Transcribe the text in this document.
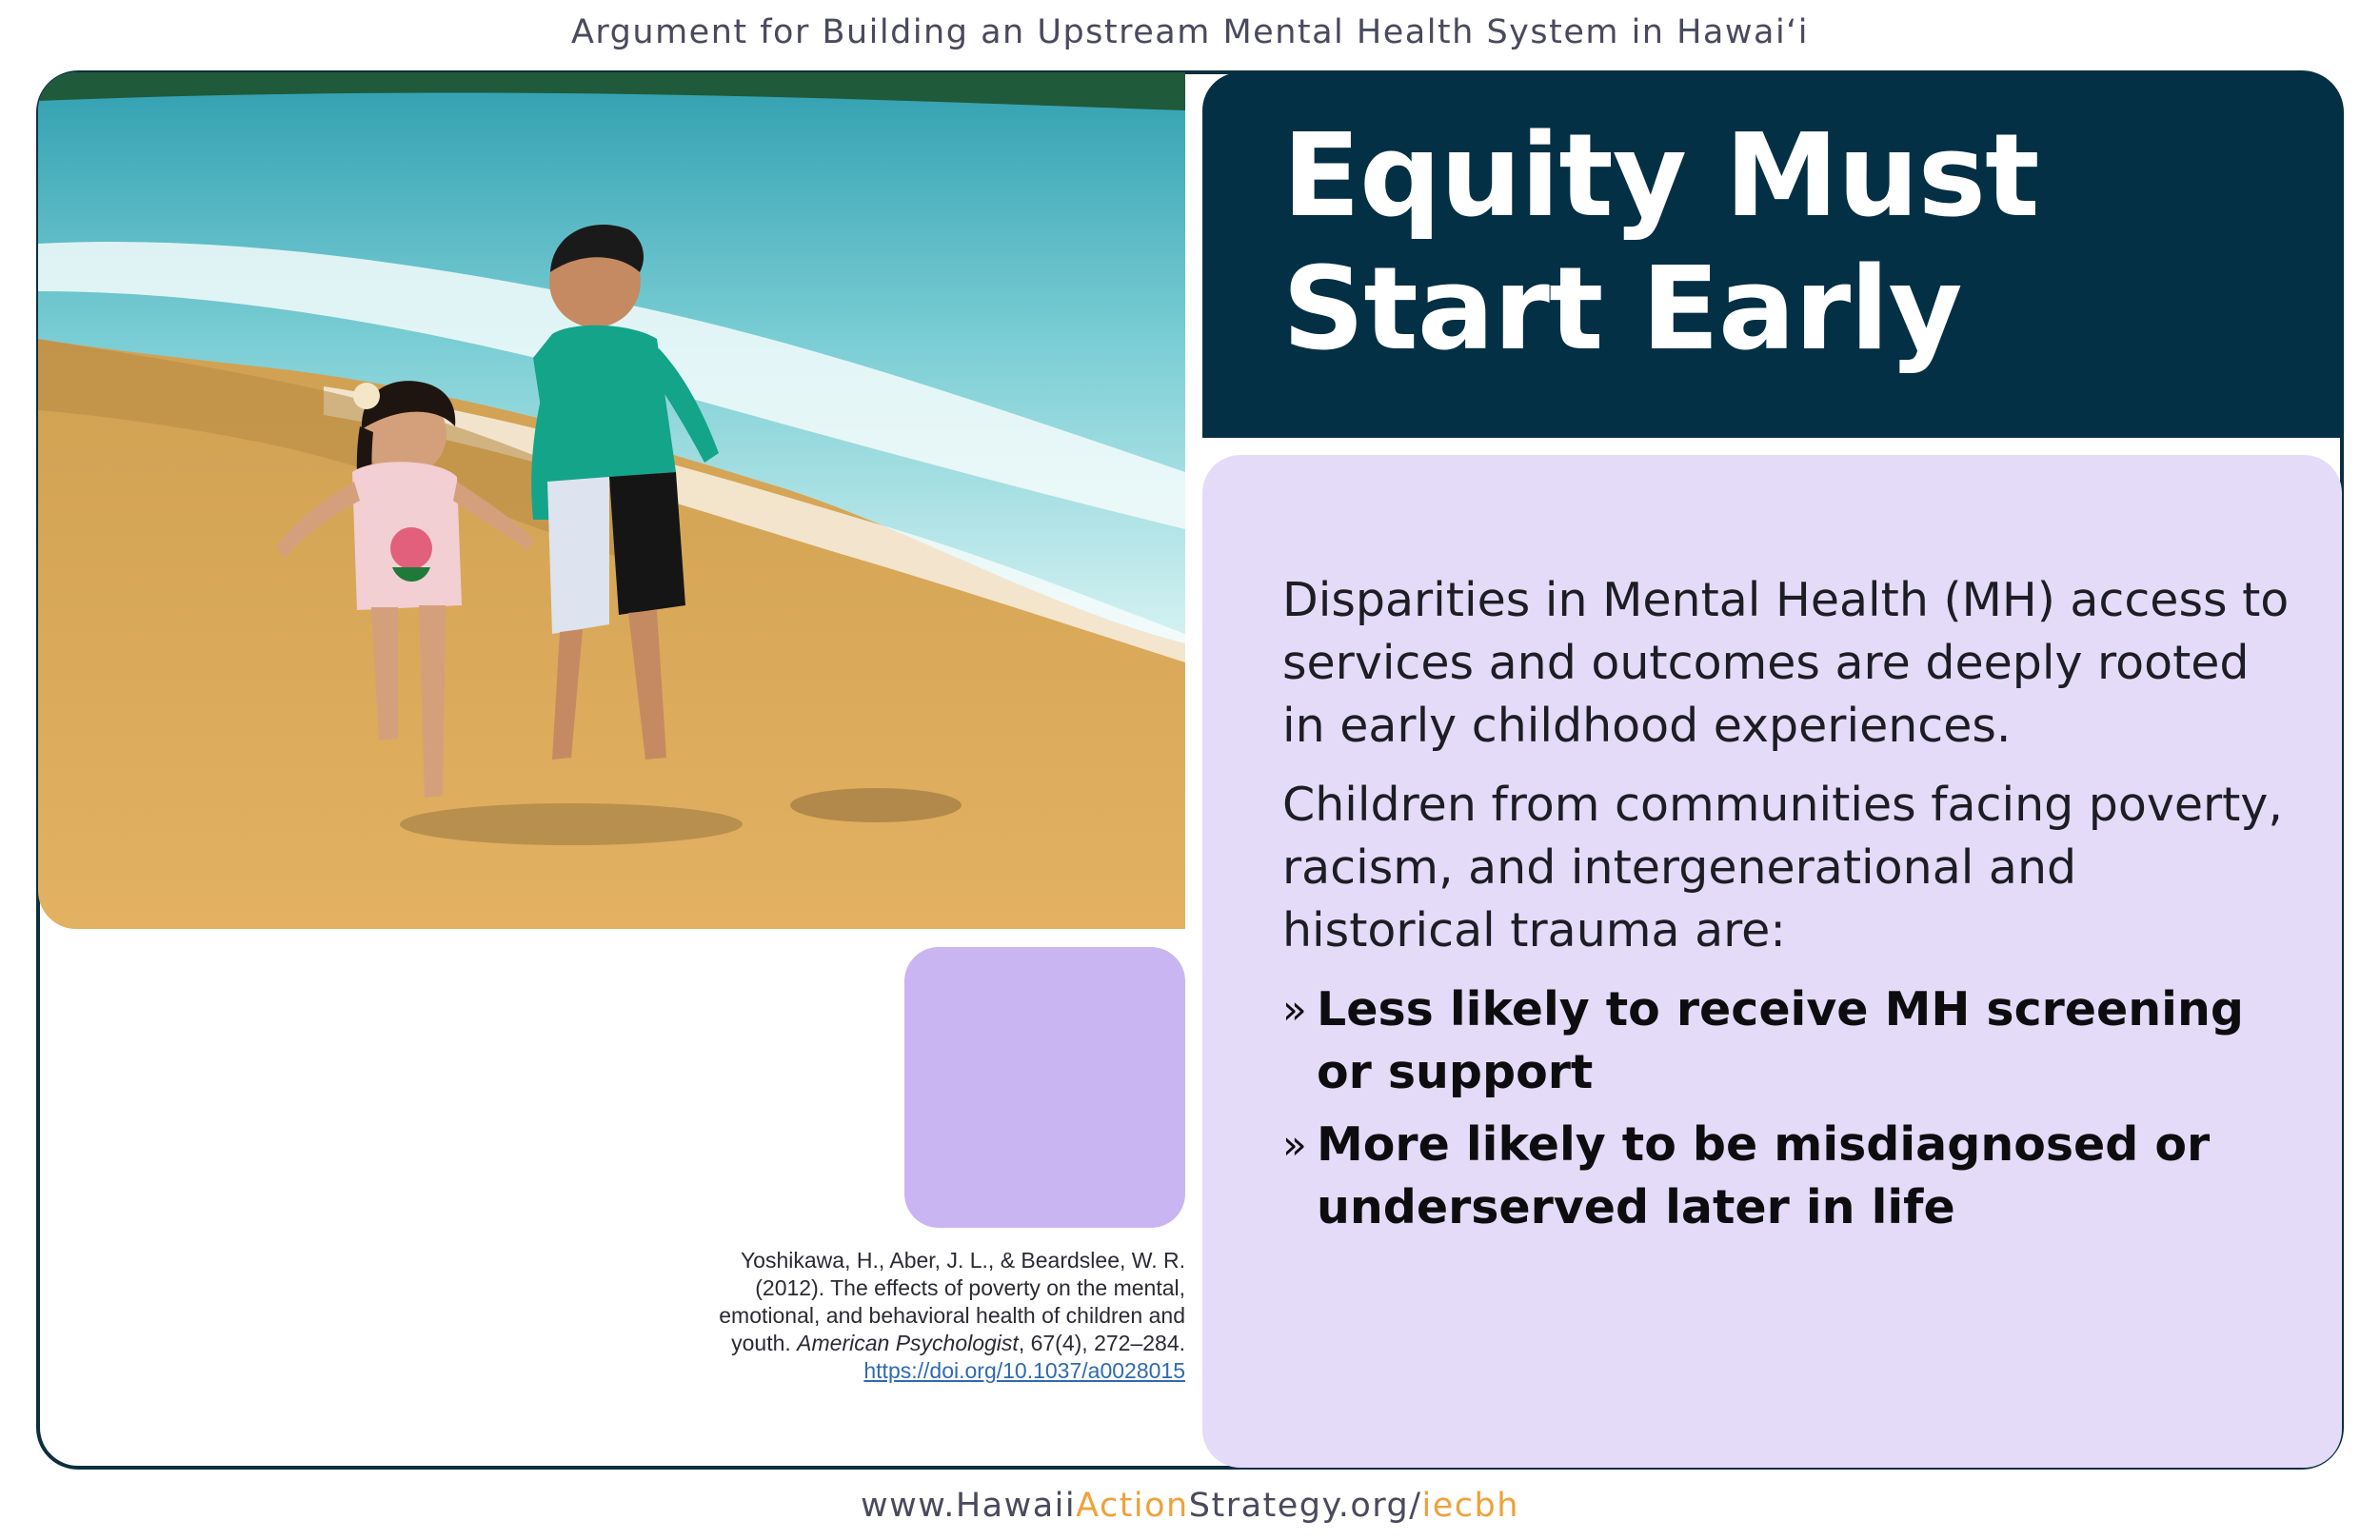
Argument for Building an Upstream Mental Health System in Hawaiʻi
Equity Must
Start Early

Disparities in Mental Health (MH) access to services and outcomes are deeply rooted in early childhood experiences.

Children from communities facing poverty, racism, and intergenerational and historical trauma are:

» Less likely to receive MH screening or support
» More likely to be misdiagnosed or underserved later in life
Yoshikawa, H., Aber, J. L., & Beardslee, W. R. (2012). The effects of poverty on the mental, emotional, and behavioral health of children and youth. American Psychologist, 67(4), 272–284. https://doi.org/10.1037/a0028015
www.HawaiiActionStrategy.org/iecbh
